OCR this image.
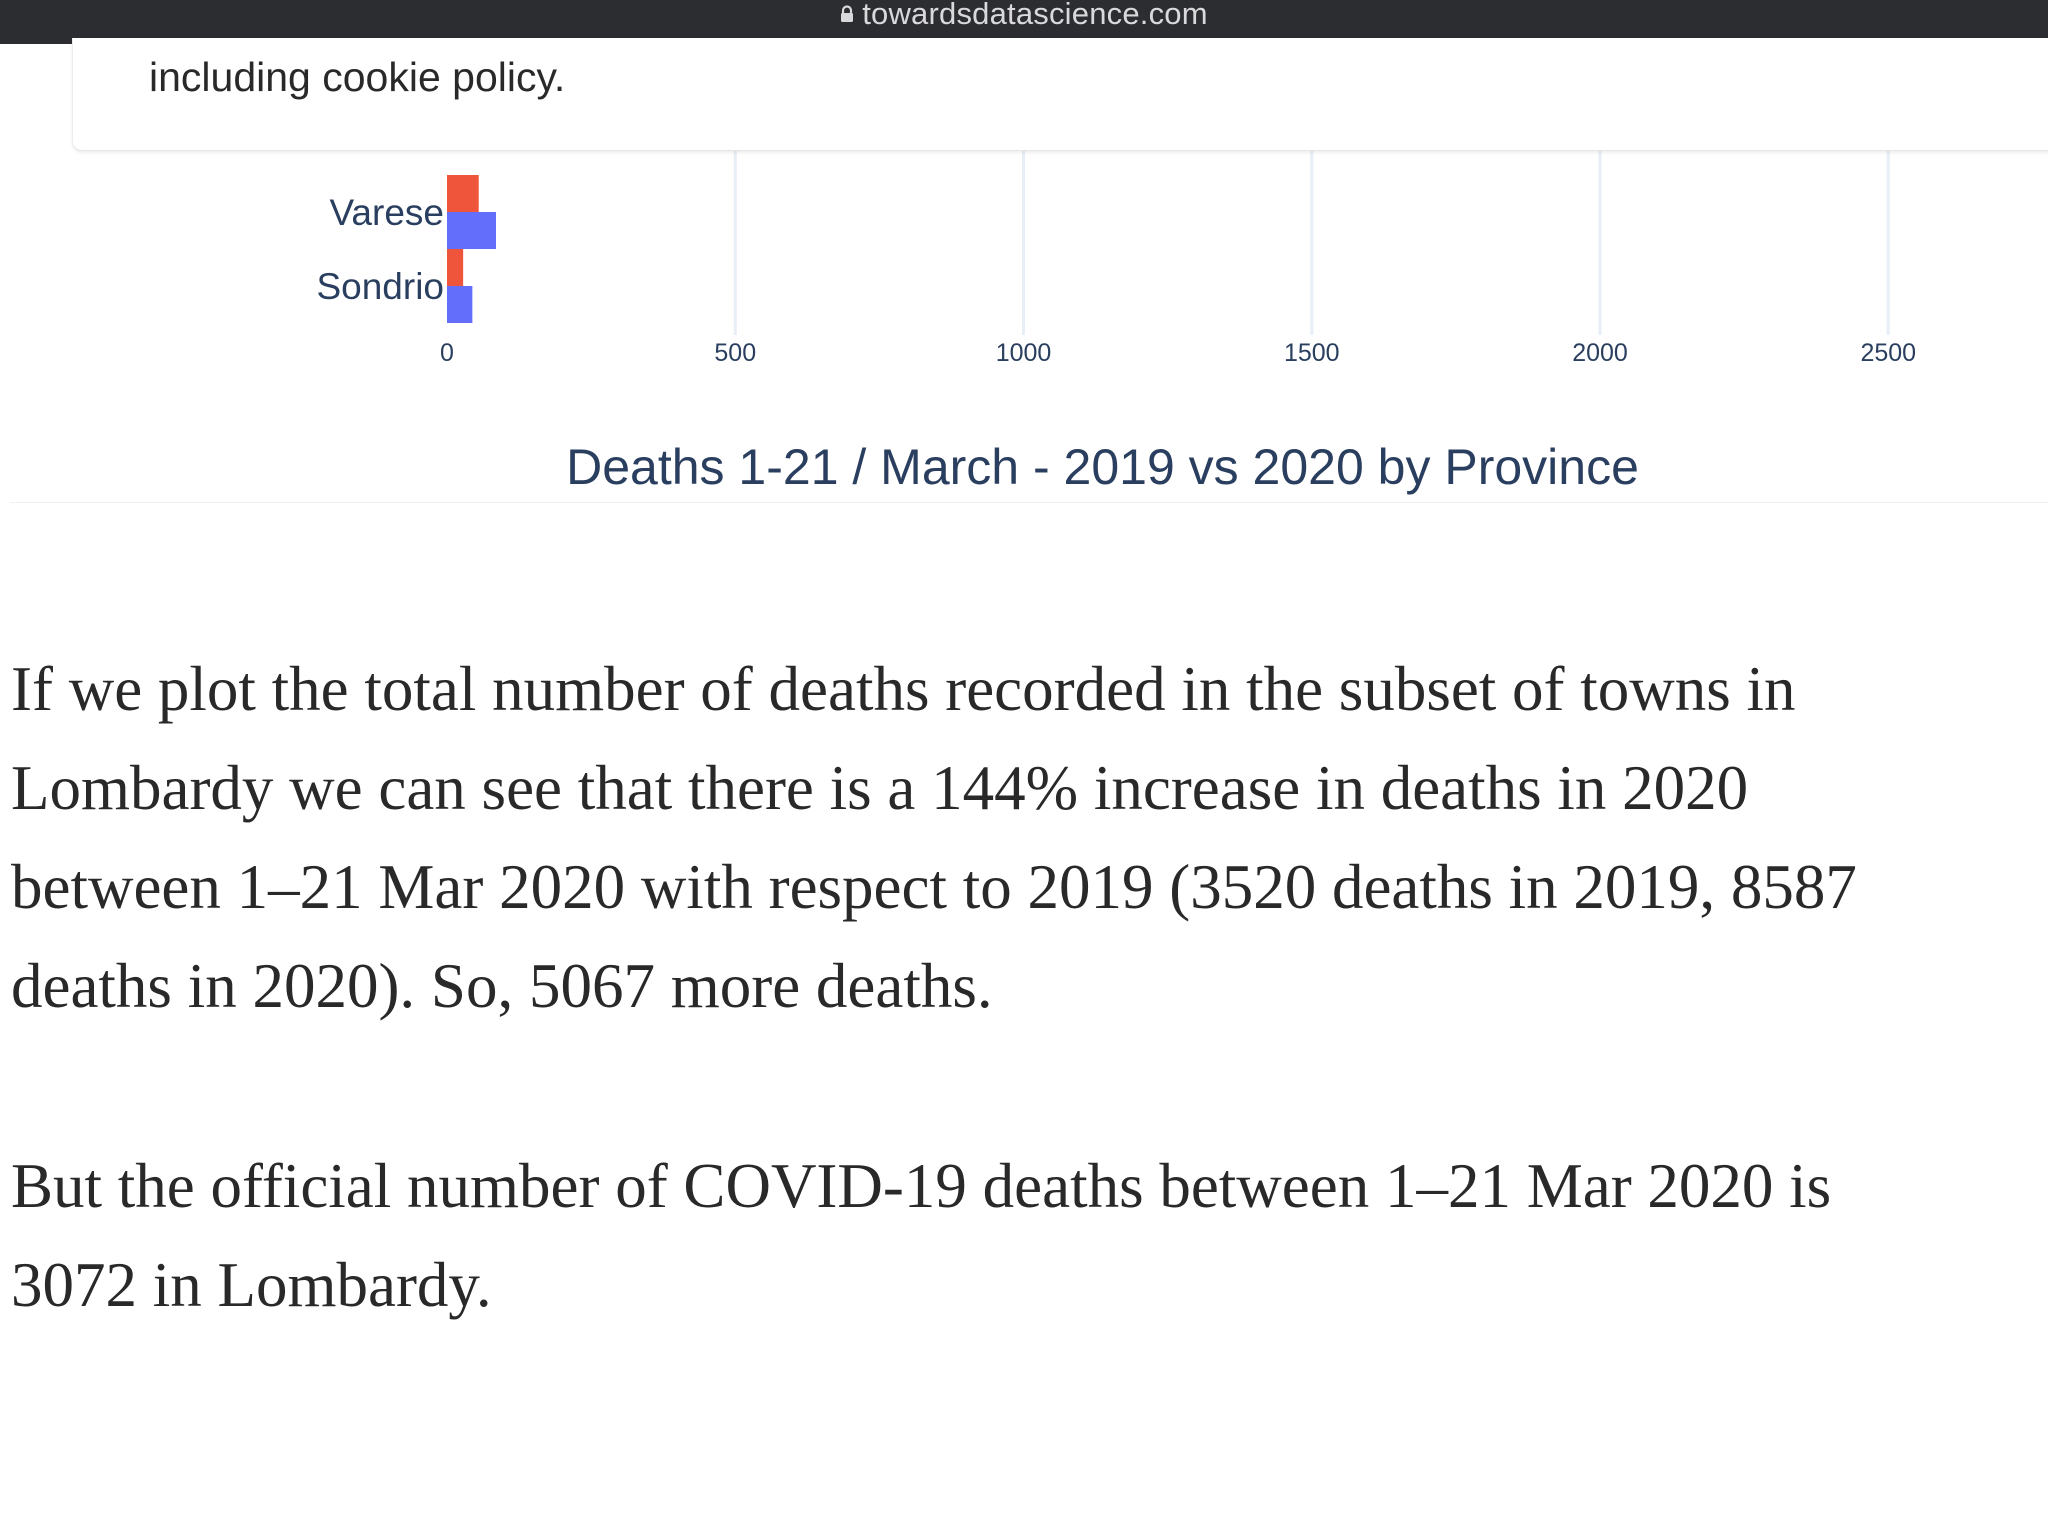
towardsdatascience.com
0	500	1000	1500	2000	2500
Varese
Sondrio
Deaths 1-21 / March - 2019 vs 2020 by Province
including cookie policy.

If we plot the total number of deaths recorded in the subset of towns in
Lombardy we can see that there is a 144% increase in deaths in 2020
between 1–21 Mar 2020 with respect to 2019 (3520 deaths in 2019, 8587
deaths in 2020). So, 5067 more deaths.

But the official number of COVID-19 deaths between 1–21 Mar 2020 is
3072 in Lombardy.
